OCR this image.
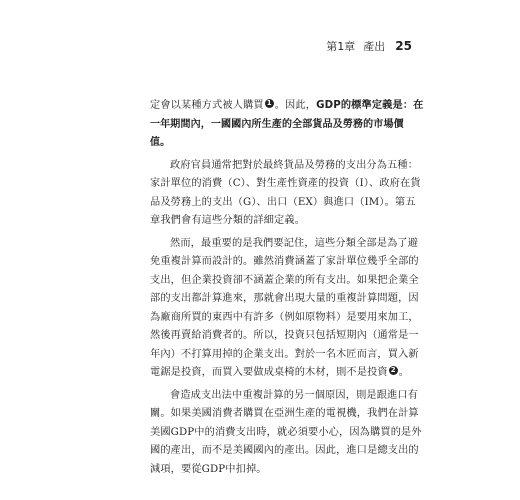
第1章 產出 25
定會以某種方式被人購買 1 。因此，GDP的標準定義是：在
一年期間內，一國國內所生產的全部貨品及勞務的市場價
值。
政府官員通常把對於最終貨品及勞務的支出分為五種：
家計單位的消費（C）、對生產性資產的投資（I）、政府在貨
品及勞務上的支出（G）、出口（EX）與進口（IM）。第五
章我們會有這些分類的詳細定義。
然而，最重要的是我們要記住，這些分類全部是為了避
免重複計算而設計的。雖然消費涵蓋了家計單位幾乎全部的
支出，但企業投資卻不涵蓋企業的所有支出。如果把企業全
部的支出都計算進來，那就會出現大量的重複計算問題，因
為廠商所買的東西中有許多（例如原物料）是要用來加工，
然後再賣給消費者的。所以，投資只包括短期內（通常是一
年內）不打算用掉的企業支出。對於一名木匠而言，買入新
電鋸是投資，而買入要做成桌椅的木材，則不是投資 2 。
會造成支出法中重複計算的另一個原因，則是跟進口有
關。如果美國消費者購買在亞洲生產的電視機，我們在計算
美國GDP中的消費支出時，就必須要小心，因為購買的是外
國的產出，而不是美國國內的產出。因此，進口是總支出的
減項，要從GDP中扣掉。
